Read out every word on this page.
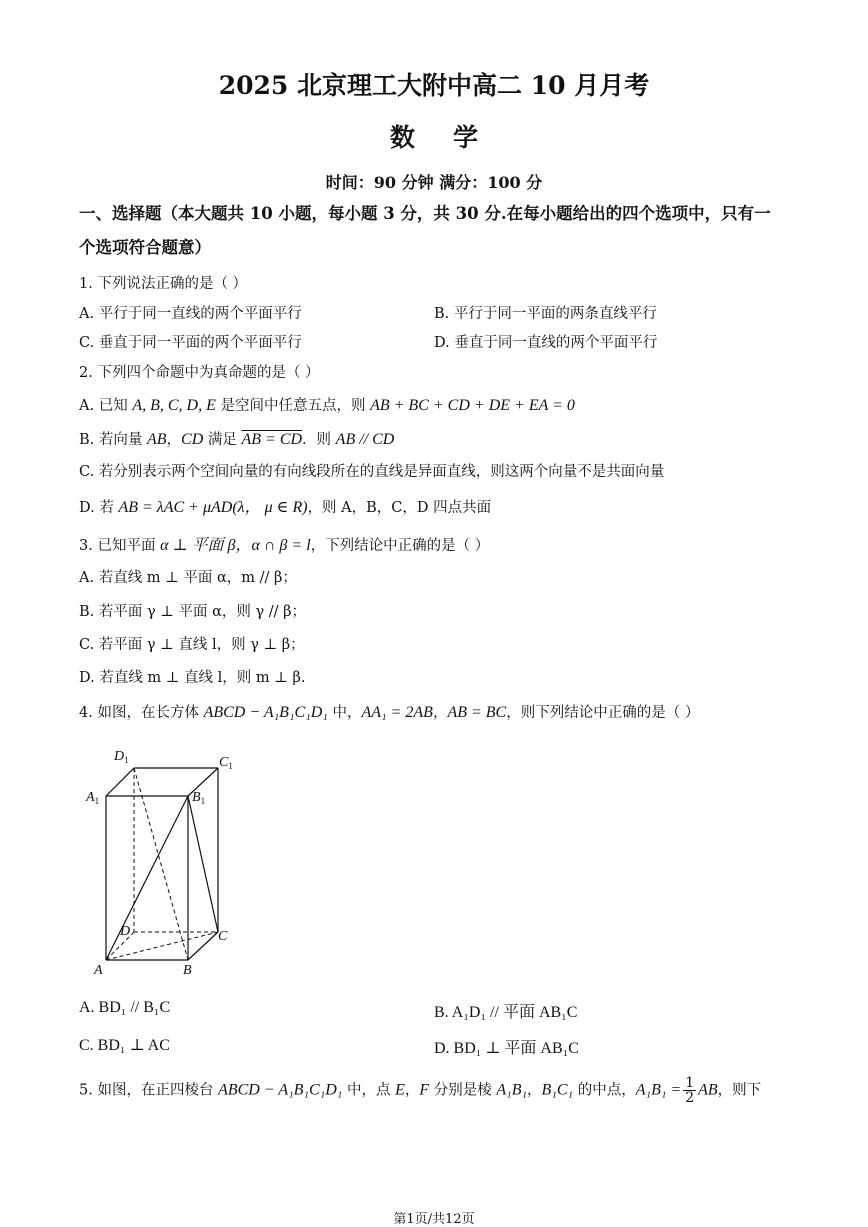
2025 北京理工大附中高二 10 月月考
数学
时间：90 分钟 满分：100 分
一、选择题（本大题共 10 小题，每小题 3 分，共 30 分.在每小题给出的四个选项中，只有一
个选项符合题意）
1. 下列说法正确的是（ ）
A. 平行于同一直线的两个平面平行	B. 平行于同一平面的两条直线平行
C. 垂直于同一平面的两个平面平行	D. 垂直于同一直线的两个平面平行
2. 下列四个命题中为真命题的是（ ）
A. 已知 A, B, C, D, E 是空间中任意五点，则 AB + BC + CD + DE + EA = 0
B. 若向量 AB，CD 满足 AB = CD．则 AB // CD
C. 若分别表示两个空间向量的有向线段所在的直线是异面直线，则这两个向量不是共面向量
D. 若 AB = λAC + μAD(λ， μ ∈ R)，则 A，B，C，D 四点共面
3. 已知平面 α ⊥ 平面 β，α ∩ β = l，下列结论中正确的是（ ）
A. 若直线 m ⊥ 平面 α，m // β；
B. 若平面 γ ⊥ 平面 α，则 γ // β；
C. 若平面 γ ⊥ 直线 l，则 γ ⊥ β；
D. 若直线 m ⊥ 直线 l，则 m ⊥ β.
4. 如图，在长方体 ABCD − A₁B₁C₁D₁ 中，AA₁ = 2AB，AB = BC，则下列结论中正确的是（ ）
$D_1$	$C_1$
$A_1$	$B_1$
D	C
A	B
A. BD₁ // B₁C	B. A₁D₁ // 平面 AB₁C
C. BD₁ ⊥ AC	D. BD₁ ⊥ 平面 AB₁C
5. 如图，在正四棱台 ABCD − A₁B₁C₁D₁ 中，点 E，F 分别是棱 A₁B₁，B₁C₁ 的中点，$A_1B_1 = \frac{1}{2}$ AB，则下
第1页/共12页
